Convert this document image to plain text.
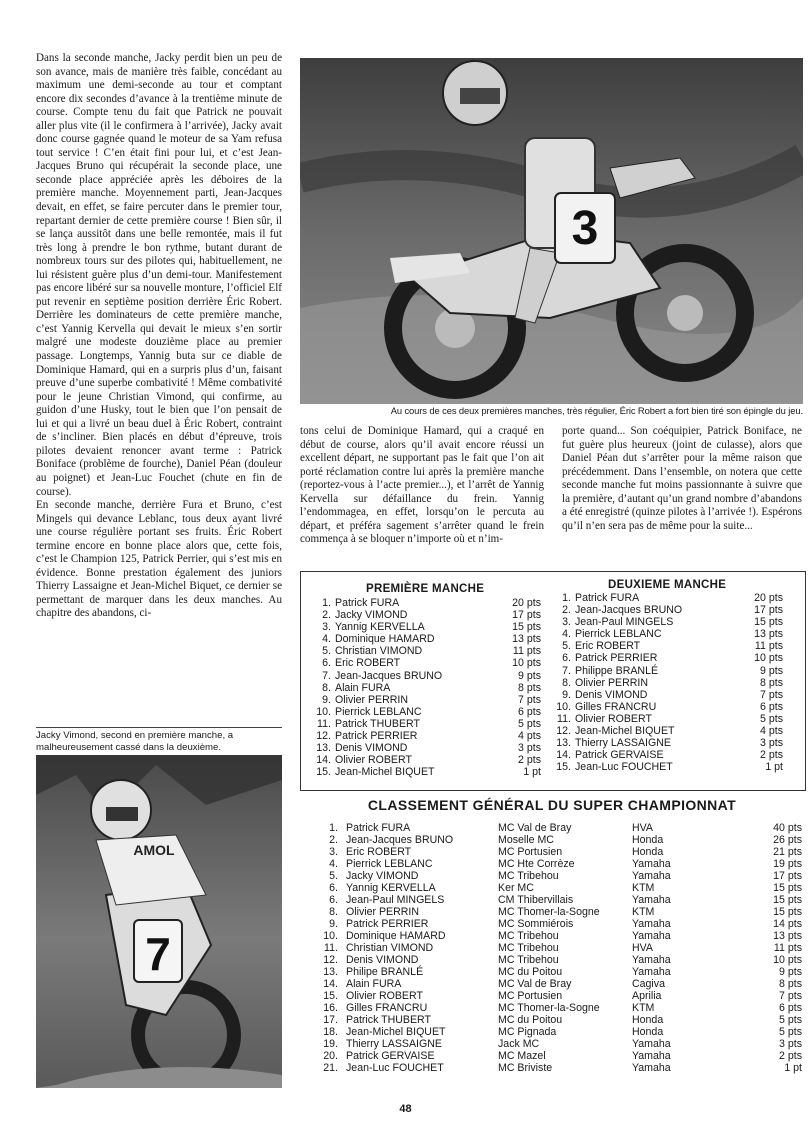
Dans la seconde manche, Jacky perdit bien un peu de son avance, mais de manière très faible, concédant au maximum une demi-seconde au tour et comptant encore dix secondes d’avance à la trentième minute de course. Compte tenu du fait que Patrick ne pouvait aller plus vite (il le confirmera à l’arrivée), Jacky avait donc course gagnée quand le moteur de sa Yam refusa tout service ! C’en était fini pour lui, et c’est Jean-Jacques Bruno qui récupérait la seconde place, une seconde place appréciée après les déboires de la première manche. Moyennement parti, Jean-Jacques devait, en effet, se faire percuter dans le premier tour, repartant dernier de cette première course ! Bien sûr, il se lança aussitôt dans une belle remontée, mais il fut très long à prendre le bon rythme, butant durant de nombreux tours sur des pilotes qui, habituellement, ne lui résistent guère plus d’un demi-tour. Manifestement pas encore libéré sur sa nouvelle monture, l’officiel Elf put revenir en septième position derrière Éric Robert. Derrière les dominateurs de cette première manche, c’est Yannig Kervella qui devait le mieux s’en sortir malgré une modeste douzième place au premier passage. Longtemps, Yannig buta sur ce diable de Dominique Hamard, qui en a surpris plus d’un, faisant preuve d’une superbe combativité ! Même combativité pour le jeune Christian Vimond, qui confirme, au guidon d’une Husky, tout le bien que l’on pensait de lui et qui a livré un beau duel à Éric Robert, contraint de s’incliner. Bien placés en début d’épreuve, trois pilotes devaient renoncer avant terme : Patrick Boniface (problème de fourche), Daniel Péan (douleur au poignet) et Jean-Luc Fouchet (chute en fin de course).

En seconde manche, derrière Fura et Bruno, c’est Mingels qui devance Leblanc, tous deux ayant livré une course régulière portant ses fruits. Éric Robert termine encore en bonne place alors que, cette fois, c’est le Champion 125, Patrick Perrier, qui s’est mis en évidence. Bonne prestation également des juniors Thierry Lassaigne et Jean-Michel Biquet, ce dernier se permettant de marquer dans les deux manches. Au chapitre des abandons, ci-

3
Au cours de ces deux premières manches, très régulier, Éric Robert a fort bien tiré son épingle du jeu.
tons celui de Dominique Hamard, qui a craqué en début de course, alors qu’il avait encore réussi un excellent départ, ne supportant pas le fait que l’on ait porté réclamation contre lui après la première manche (reportez-vous à l’acte premier...), et l’arrêt de Yannig Kervella sur défaillance du frein. Yannig l’endommagea, en effet, lorsqu’on le percuta au départ, et préféra sagement s’arrêter quand le frein commença à se bloquer n’importe où et n’im-
porte quand... Son coéquipier, Patrick Boniface, ne fut guère plus heureux (joint de culasse), alors que Daniel Péan dut s’arrêter pour la même raison que précédemment. Dans l’ensemble, on notera que cette seconde manche fut moins passionnante à suivre que la première, d’autant qu’un grand nombre d’abandons a été enregistré (quinze pilotes à l’arrivée !). Espérons qu’il n’en sera pas de même pour la suite...
Jacky Vimond, second en première manche, a malheureusement cassé dans la deuxième.
AMOL
7
PREMIÈRE MANCHE
1. Patrick FURA	20 pts
2. Jacky VIMOND	17 pts
3. Yannig KERVELLA	15 pts
4. Dominique HAMARD	13 pts
5. Christian VIMOND	11 pts
6. Eric ROBERT	10 pts
7. Jean-Jacques BRUNO	9 pts
8. Alain FURA	8 pts
9. Olivier PERRIN	7 pts
10. Pierrick LEBLANC	6 pts
11. Patrick THUBERT	5 pts
12. Patrick PERRIER	4 pts
13. Denis VIMOND	3 pts
14. Olivier ROBERT	2 pts
15. Jean-Michel BIQUET	1 pt
DEUXIEME MANCHE
1. Patrick FURA	20 pts
2. Jean-Jacques BRUNO	17 pts
3. Jean-Paul MINGELS	15 pts
4. Pierrick LEBLANC	13 pts
5. Eric ROBERT	11 pts
6. Patrick PERRIER	10 pts
7. Philippe BRANLÉ	9 pts
8. Olivier PERRIN	8 pts
9. Denis VIMOND	7 pts
10. Gilles FRANCRU	6 pts
11. Olivier ROBERT	5 pts
12. Jean-Michel BIQUET	4 pts
13. Thierry LASSAIGNE	3 pts
14. Patrick GERVAISE	2 pts
15. Jean-Luc FOUCHET	1 pt
CLASSEMENT GÉNÉRAL DU SUPER CHAMPIONNAT
1. Patrick FURA	MC Val de Bray	HVA	40 pts
2. Jean-Jacques BRUNO	Moselle MC	Honda	26 pts
3. Eric ROBERT	MC Portusien	Honda	21 pts
4. Pierrick LEBLANC	MC Hte Corrèze	Yamaha	19 pts
5. Jacky VIMOND	MC Tribehou	Yamaha	17 pts
6. Yannig KERVELLA	Ker MC	KTM	15 pts
6. Jean-Paul MINGELS	CM Thibervillais	Yamaha	15 pts
8. Olivier PERRIN	MC Thomer-la-Sogne	KTM	15 pts
9. Patrick PERRIER	MC Sommiérois	Yamaha	14 pts
10. Dominique HAMARD	MC Tribehou	Yamaha	13 pts
11. Christian VIMOND	MC Tribehou	HVA	11 pts
12. Denis VIMOND	MC Tribehou	Yamaha	10 pts
13. Philipe BRANLÉ	MC du Poitou	Yamaha	9 pts
14. Alain FURA	MC Val de Bray	Cagiva	8 pts
15. Olivier ROBERT	MC Portusien	Aprilia	7 pts
16. Gilles FRANCRU	MC Thomer-la-Sogne	KTM	6 pts
17. Patrick THUBERT	MC du Poitou	Honda	5 pts
18. Jean-Michel BIQUET	MC Pignada	Honda	5 pts
19. Thierry LASSAIGNE	Jack MC	Yamaha	3 pts
20. Patrick GERVAISE	MC Mazel	Yamaha	2 pts
21. Jean-Luc FOUCHET	MC Briviste	Yamaha	1 pt
48
